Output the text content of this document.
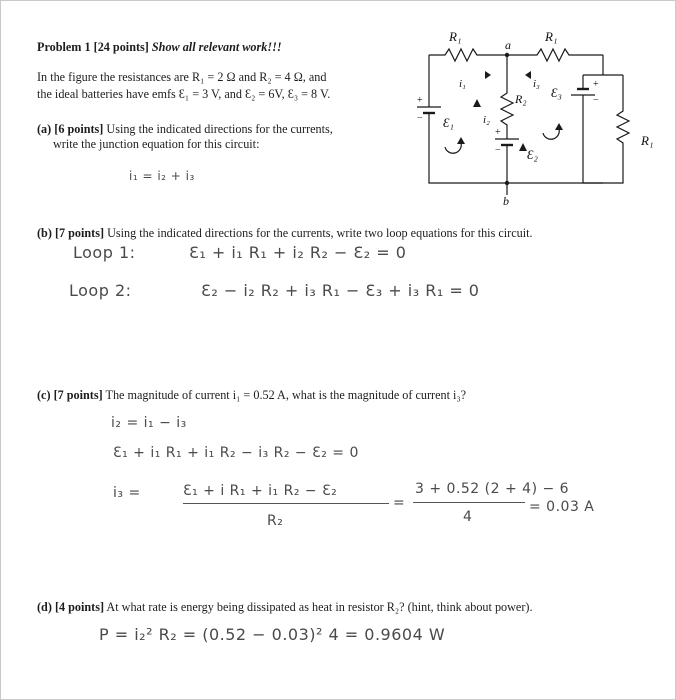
Problem 1 [24 points] Show all relevant work!!!
In the figure the resistances are R₁ = 2 Ω and R₂ = 4 Ω, and
the ideal batteries have emfs Ɛ₁ = 3 V, and Ɛ₂ = 6V, Ɛ₃ = 8 V.
(a) [6 points] Using the indicated directions for the currents,
write the junction equation for this circuit:
i₁ = i₂ + i₃
R₁	R₁
R₁
R₂
a
b
i₁
i₂
i₃
Ɛ₁
Ɛ₂
Ɛ₃
+
−
+
−
+
−
(b) [7 points] Using the indicated directions for the currents, write two loop equations for this circuit.
Loop 1:	Ɛ₁ + i₁ R₁ + i₂ R₂ − Ɛ₂ = 0
Loop 2:	Ɛ₂ − i₂ R₂ + i₃ R₁ − Ɛ₃ + i₃ R₁ = 0
(c) [7 points] The magnitude of current i₁ = 0.52 A, what is the magnitude of current i₃?
i₂ = i₁ − i₃
Ɛ₁ + i₁ R₁ + i₁ R₂ − i₃ R₂ − Ɛ₂ = 0
i₃ =	Ɛ₁ + i R₁ + i₁ R₂ − Ɛ₂
R₂
=
3 + 0.52 (2 + 4) − 6
4
= 0.03 A
(d) [4 points] At what rate is energy being dissipated as heat in resistor R₂? (hint, think about power).
P = i₂² R₂ = (0.52 − 0.03)² 4 = 0.9604 W
